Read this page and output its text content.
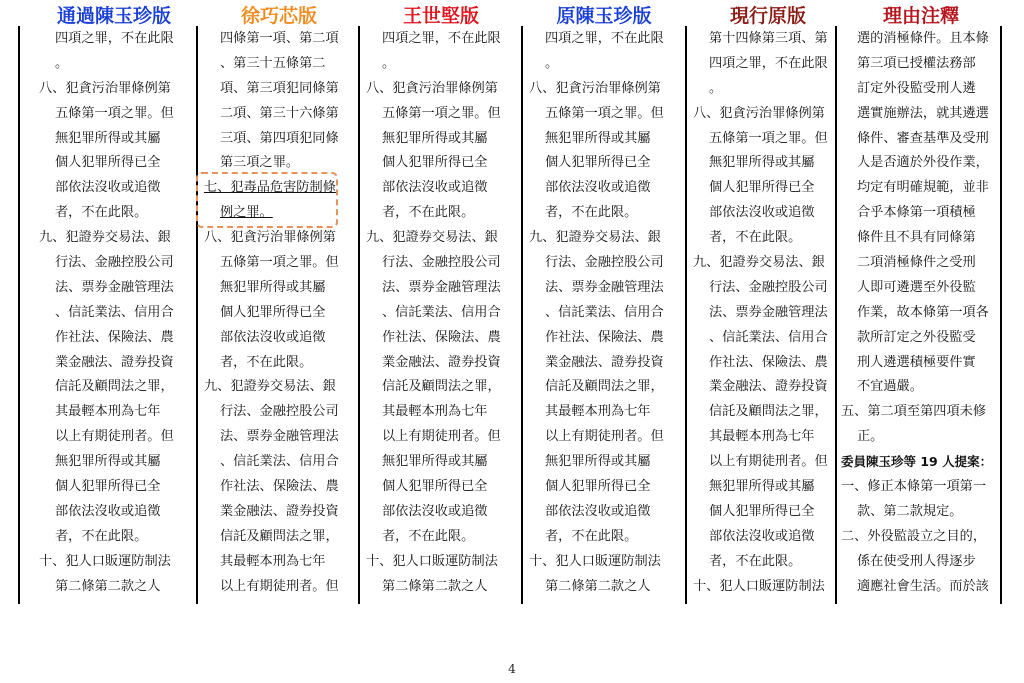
通過陳玉珍版
四項之罪，不在此限
。
八、犯貪污治罪條例第
五條第一項之罪。但
無犯罪所得或其屬
個人犯罪所得已全
部依法沒收或追徵
者，不在此限。
九、犯證券交易法、銀
行法、金融控股公司
法、票券金融管理法
、信託業法、信用合
作社法、保險法、農
業金融法、證券投資
信託及顧問法之罪，
其最輕本刑為七年
以上有期徒刑者。但
無犯罪所得或其屬
個人犯罪所得已全
部依法沒收或追徵
者，不在此限。
十、犯人口販運防制法
第二條第二款之人
徐巧芯版
四條第一項、第二項
、第三十五條第二
項、第三項犯同條第
二項、第三十六條第
三項、第四項犯同條
第三項之罪。
七、犯毒品危害防制條
例之罪。
八、犯貪污治罪條例第
五條第一項之罪。但
無犯罪所得或其屬
個人犯罪所得已全
部依法沒收或追徵
者，不在此限。
九、犯證券交易法、銀
行法、金融控股公司
法、票券金融管理法
、信託業法、信用合
作社法、保險法、農
業金融法、證券投資
信託及顧問法之罪，
其最輕本刑為七年
以上有期徒刑者。但
王世堅版
四項之罪，不在此限
。
八、犯貪污治罪條例第
五條第一項之罪。但
無犯罪所得或其屬
個人犯罪所得已全
部依法沒收或追徵
者，不在此限。
九、犯證券交易法、銀
行法、金融控股公司
法、票券金融管理法
、信託業法、信用合
作社法、保險法、農
業金融法、證券投資
信託及顧問法之罪，
其最輕本刑為七年
以上有期徒刑者。但
無犯罪所得或其屬
個人犯罪所得已全
部依法沒收或追徵
者，不在此限。
十、犯人口販運防制法
第二條第二款之人
原陳玉珍版
四項之罪，不在此限
。
八、犯貪污治罪條例第
五條第一項之罪。但
無犯罪所得或其屬
個人犯罪所得已全
部依法沒收或追徵
者，不在此限。
九、犯證券交易法、銀
行法、金融控股公司
法、票券金融管理法
、信託業法、信用合
作社法、保險法、農
業金融法、證券投資
信託及顧問法之罪，
其最輕本刑為七年
以上有期徒刑者。但
無犯罪所得或其屬
個人犯罪所得已全
部依法沒收或追徵
者，不在此限。
十、犯人口販運防制法
第二條第二款之人
現行原版
第十四條第三項、第
四項之罪，不在此限
。
八、犯貪污治罪條例第
五條第一項之罪。但
無犯罪所得或其屬
個人犯罪所得已全
部依法沒收或追徵
者，不在此限。
九、犯證券交易法、銀
行法、金融控股公司
法、票券金融管理法
、信託業法、信用合
作社法、保險法、農
業金融法、證券投資
信託及顧問法之罪，
其最輕本刑為七年
以上有期徒刑者。但
無犯罪所得或其屬
個人犯罪所得已全
部依法沒收或追徵
者，不在此限。
十、犯人口販運防制法
理由注釋
選的消極條件。且本條
第三項已授權法務部
訂定外役監受刑人遴
選實施辦法，就其遴選
條件、審查基準及受刑
人是否適於外役作業，
均定有明確規範，並非
合乎本條第一項積極
條件且不具有同條第
二項消極條件之受刑
人即可遴選至外役監
作業，故本條第一項各
款所訂定之外役監受
刑人遴選積極要件實
不宜過嚴。
五、第二項至第四項未修
正。
委員陳玉珍等 19 人提案：
一、修正本條第一項第一
款、第二款規定。
二、外役監設立之目的，
係在使受刑人得逐步
適應社會生活。而於該
4
